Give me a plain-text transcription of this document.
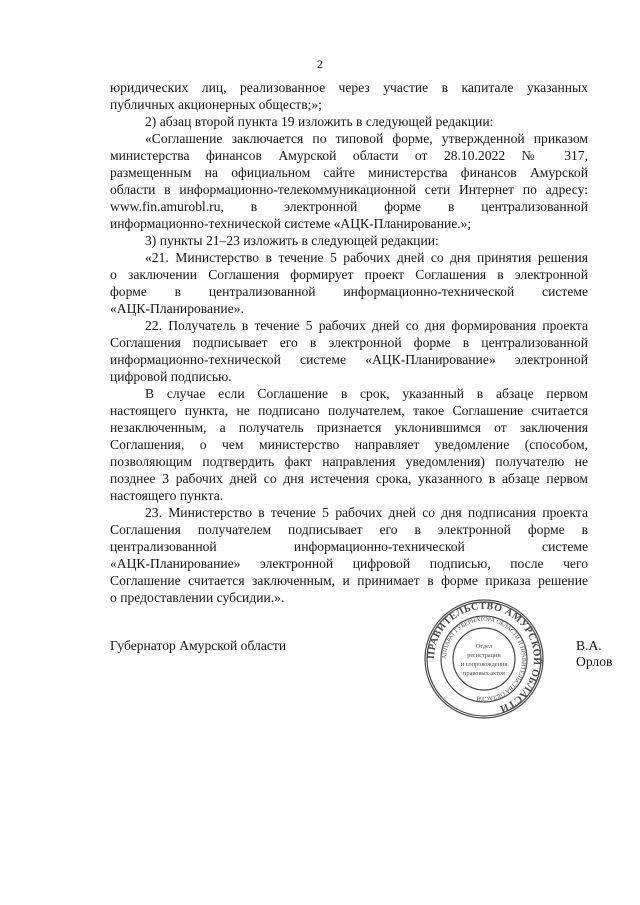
2
юридических лиц, реализованное через участие в капитале указанных
публичных акционерных обществ;»;
2) абзац второй пункта 19 изложить в следующей редакции:
«Соглашение заключается по типовой форме, утвержденной приказом
министерства финансов Амурской области от 28.10.2022 № 317,
размещенным на официальном сайте министерства финансов Амурской
области в информационно-телекоммуникационной сети Интернет по адресу:
www.fin.amurobl.ru, в электронной форме в централизованной
информационно-технической системе «АЦК-Планирование.»;
3) пункты 21–23 изложить в следующей редакции:
«21. Министерство в течение 5 рабочих дней со дня принятия решения
о заключении Соглашения формирует проект Соглашения в электронной
форме в централизованной информационно-технической системе
«АЦК-Планирование».
22. Получатель в течение 5 рабочих дней со дня формирования проекта
Соглашения подписывает его в электронной форме в централизованной
информационно-технической системе «АЦК-Планирование» электронной
цифровой подписью.
В случае если Соглашение в срок, указанный в абзаце первом
настоящего пункта, не подписано получателем, такое Соглашение считается
незаключенным, а получатель признается уклонившимся от заключения
Соглашения, о чем министерство направляет уведомление (способом,
позволяющим подтвердить факт направления уведомления) получателю не
позднее 3 рабочих дней со дня истечения срока, указанного в абзаце первом
настоящего пункта.
23. Министерство в течение 5 рабочих дней со дня подписания проекта
Соглашения получателем подписывает его в электронной форме в
централизованной информационно-технической системе
«АЦК-Планирование» электронной цифровой подписью, после чего
Соглашение считается заключенным, и принимает в форме приказа решение
о предоставлении субсидии.».
Губернатор Амурской области	В.А. Орлов
ПРАВИТЕЛЬСТВО АМУРСКОЙ ОБЛАСТИ
АППАРАТ ГУБЕРНАТОРА ОБЛАСТИ И ПРАВИТЕЛЬСТВА ОБЛАСТИ
Отдел
регистрации
и сопровождения
правовых актов
